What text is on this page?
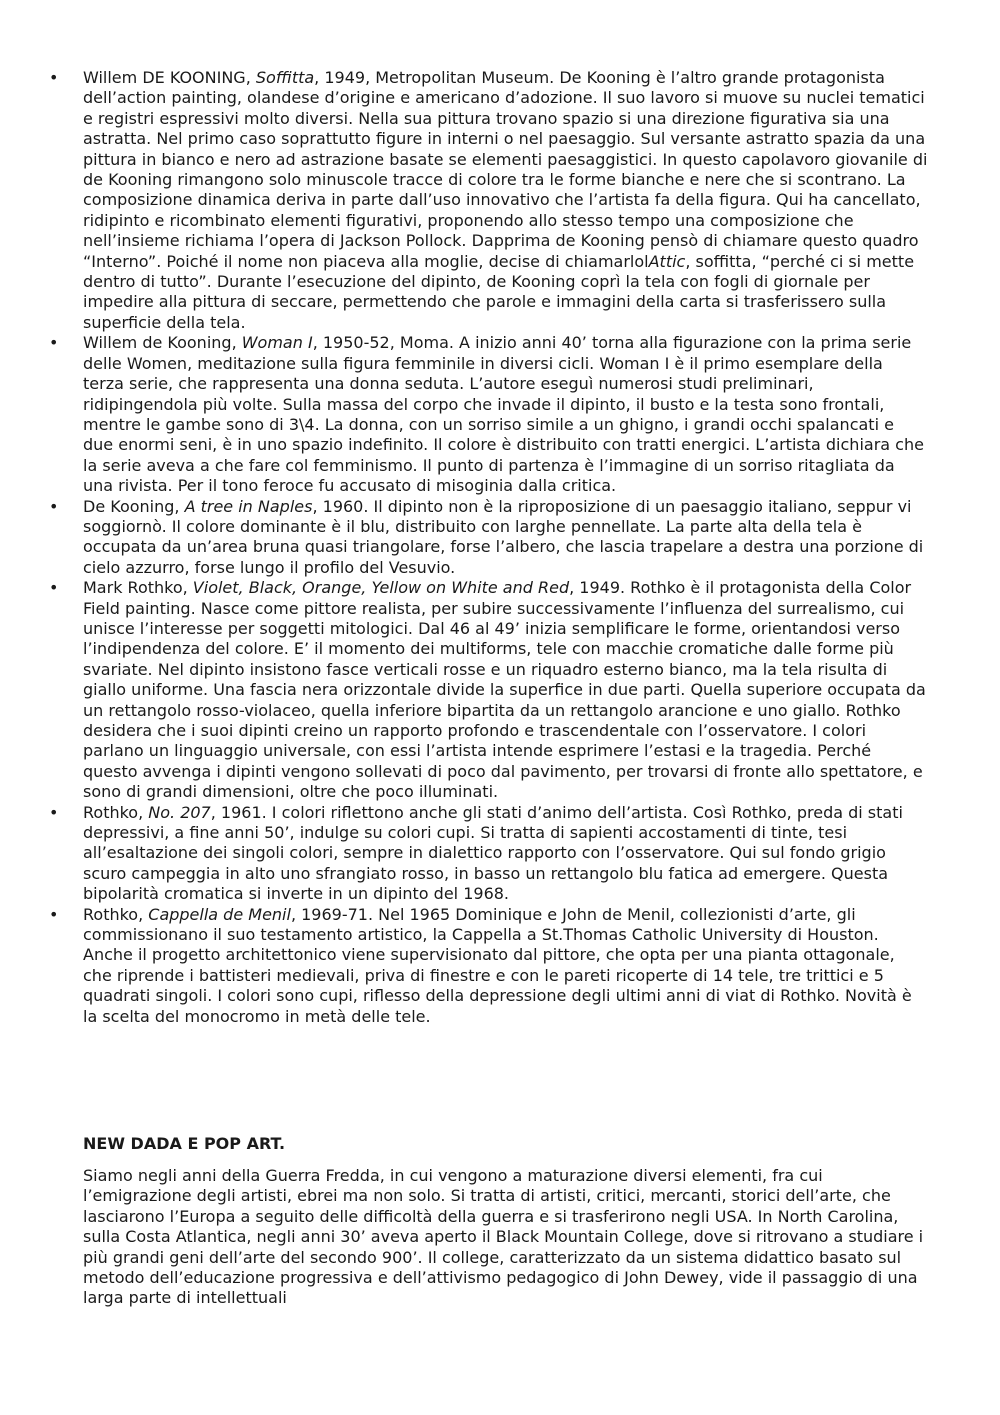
• Willem DE KOONING, Soffitta, 1949, Metropolitan Museum. De Kooning è l’altro grande protagonista dell’action painting, olandese d’origine e americano d’adozione. Il suo lavoro si muove su nuclei tematici e registri espressivi molto diversi. Nella sua pittura trovano spazio si una direzione figurativa sia una astratta. Nel primo caso soprattutto figure in interni o nel paesaggio. Sul versante astratto spazia da una pittura in bianco e nero ad astrazione basate se elementi paesaggistici. In questo capolavoro giovanile di de Kooning rimangono solo minuscole tracce di colore tra le forme bianche e nere che si scontrano. La composizione dinamica deriva in parte dall’uso innovativo che l’artista fa della figura. Qui ha cancellato, ridipinto e ricombinato elementi figurativi, proponendo allo stesso tempo una composizione che nell’insieme richiama l’opera di Jackson Pollock. Dapprima de Kooning pensò di chiamare questo quadro “Interno”. Poiché il nome non piaceva alla moglie, decise di chiamarlolAttic, soffitta, “perché ci si mette dentro di tutto”. Durante l’esecuzione del dipinto, de Kooning coprì la tela con fogli di giornale per impedire alla pittura di seccare, permettendo che parole e immagini della carta si trasferissero sulla superficie della tela.
• Willem de Kooning, Woman I, 1950-52, Moma. A inizio anni 40’ torna alla figurazione con la prima serie delle Women, meditazione sulla figura femminile in diversi cicli. Woman I è il primo esemplare della terza serie, che rappresenta una donna seduta. L’autore eseguì numerosi studi preliminari, ridipingendola più volte. Sulla massa del corpo che invade il dipinto, il busto e la testa sono frontali, mentre le gambe sono di 3\4. La donna, con un sorriso simile a un ghigno, i grandi occhi spalancati e due enormi seni, è in uno spazio indefinito. Il colore è distribuito con tratti energici. L’artista dichiara che la serie aveva a che fare col femminismo. Il punto di partenza è l’immagine di un sorriso ritagliata da una rivista. Per il tono feroce fu accusato di misoginia dalla critica.
• De Kooning, A tree in Naples, 1960. Il dipinto non è la riproposizione di un paesaggio italiano, seppur vi soggiornò. Il colore dominante è il blu, distribuito con larghe pennellate. La parte alta della tela è occupata da un’area bruna quasi triangolare, forse l’albero, che lascia trapelare a destra una porzione di cielo azzurro, forse lungo il profilo del Vesuvio.
• Mark Rothko, Violet, Black, Orange, Yellow on White and Red, 1949. Rothko è il protagonista della Color Field painting. Nasce come pittore realista, per subire successivamente l’influenza del surrealismo, cui unisce l’interesse per soggetti mitologici. Dal 46 al 49’ inizia semplificare le forme, orientandosi verso l’indipendenza del colore. E’ il momento dei multiforms, tele con macchie cromatiche dalle forme più svariate. Nel dipinto insistono fasce verticali rosse e un riquadro esterno bianco, ma la tela risulta di giallo uniforme. Una fascia nera orizzontale divide la superfice in due parti. Quella superiore occupata da un rettangolo rosso-violaceo, quella inferiore bipartita da un rettangolo arancione e uno giallo. Rothko desidera che i suoi dipinti creino un rapporto profondo e trascendentale con l’osservatore. I colori parlano un linguaggio universale, con essi l’artista intende esprimere l’estasi e la tragedia. Perché questo avvenga i dipinti vengono sollevati di poco dal pavimento, per trovarsi di fronte allo spettatore, e sono di grandi dimensioni, oltre che poco illuminati.
• Rothko, No. 207, 1961. I colori riflettono anche gli stati d’animo dell’artista. Così Rothko, preda di stati depressivi, a fine anni 50’, indulge su colori cupi. Si tratta di sapienti accostamenti di tinte, tesi all’esaltazione dei singoli colori, sempre in dialettico rapporto con l’osservatore. Qui sul fondo grigio scuro campeggia in alto uno sfrangiato rosso, in basso un rettangolo blu fatica ad emergere. Questa bipolarità cromatica si inverte in un dipinto del 1968.
• Rothko, Cappella de Menil, 1969-71. Nel 1965 Dominique e John de Menil, collezionisti d’arte, gli commissionano il suo testamento artistico, la Cappella a St.Thomas Catholic University di Houston. Anche il progetto architettonico viene supervisionato dal pittore, che opta per una pianta ottagonale, che riprende i battisteri medievali, priva di finestre e con le pareti ricoperte di 14 tele, tre trittici e 5 quadrati singoli. I colori sono cupi, riflesso della depressione degli ultimi anni di viat di Rothko. Novità è la scelta del monocromo in metà delle tele.
NEW DADA E POP ART.

Siamo negli anni della Guerra Fredda, in cui vengono a maturazione diversi elementi, fra cui l’emigrazione degli artisti, ebrei ma non solo. Si tratta di artisti, critici, mercanti, storici dell’arte, che lasciarono l’Europa a seguito delle difficoltà della guerra e si trasferirono negli USA. In North Carolina, sulla Costa Atlantica, negli anni 30’ aveva aperto il Black Mountain College, dove si ritrovano a studiare i più grandi geni dell’arte del secondo 900’. Il college, caratterizzato da un sistema didattico basato sul metodo dell’educazione progressiva e dell’attivismo pedagogico di John Dewey, vide il passaggio di una larga parte di intellettuali
